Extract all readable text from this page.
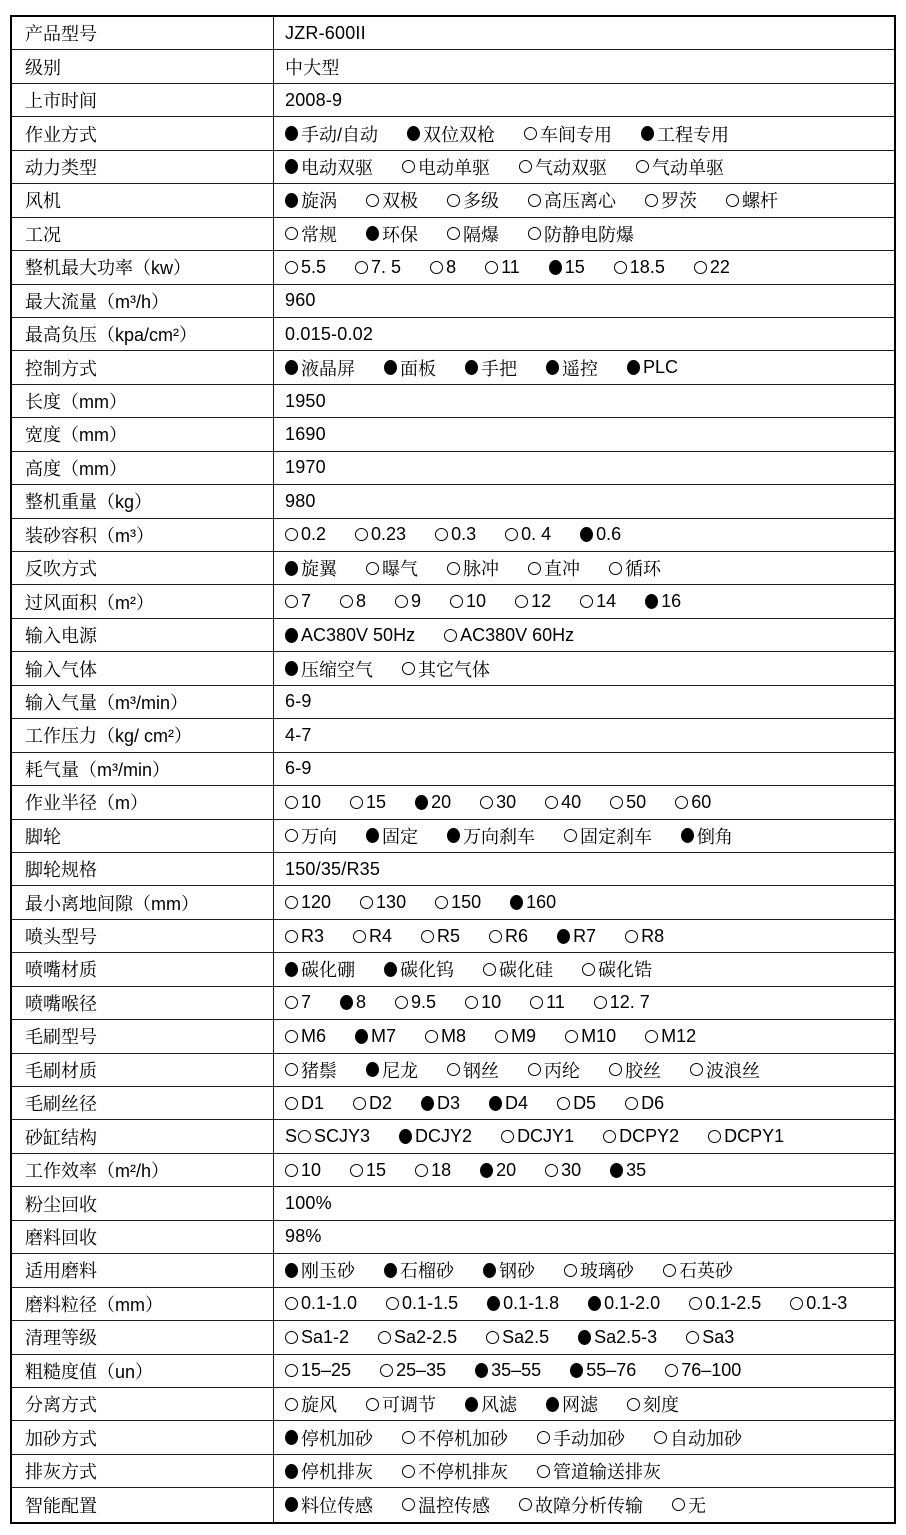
产品型号	JZR-600II
级别	中大型
上市时间	2008-9
作业方式	手动/自动	双位双枪	车间专用	工程专用
动力类型	电动双驱	电动单驱	气动双驱	气动单驱
风机	旋涡	双极	多级	高压离心	罗茨	螺杆
工况	常规	环保	隔爆	防静电防爆
整机最大功率（kw）	5.5	7. 5	8	11	15	18.5	22
最大流量（m³/h）	960
最高负压（kpa/cm²）	0.015-0.02
控制方式	液晶屏	面板	手把	遥控	PLC
长度（mm）	1950
宽度（mm）	1690
高度（mm）	1970
整机重量（kg）	980
装砂容积（m³）	0.2	0.23	0.3	0. 4	0.6
反吹方式	旋翼	曝气	脉冲	直冲	循环
过风面积（m²）	7	8	9	10	12	14	16
输入电源	AC380V 50Hz	AC380V 60Hz
输入气体	压缩空气	其它气体
输入气量（m³/min）	6-9
工作压力（kg/ cm²）	4-7
耗气量（m³/min）	6-9
作业半径（m）	10	15	20	30	40	50	60
脚轮	万向	固定	万向刹车	固定刹车	倒角
脚轮规格	150/35/R35
最小离地间隙（mm）	120	130	150	160
喷头型号	R3	R4	R5	R6	R7	R8
喷嘴材质	碳化硼	碳化钨	碳化硅	碳化锆
喷嘴喉径	7	8	9.5	10	11	12. 7
毛刷型号	M6	M7	M8	M9	M10	M12
毛刷材质	猪鬃	尼龙	钢丝	丙纶	胶丝	波浪丝
毛刷丝径	D1	D2	D3	D4	D5	D6
砂缸结构	S SCJY3	DCJY2	DCJY1	DCPY2	DCPY1
工作效率（m²/h）	10	15	18	20	30	35
粉尘回收	100%
磨料回收	98%
适用磨料	刚玉砂	石榴砂	钢砂	玻璃砂	石英砂
磨料粒径（mm）	0.1-1.0	0.1-1.5	0.1-1.8	0.1-2.0	0.1-2.5	0.1-3
清理等级	Sa1-2	Sa2-2.5	Sa2.5	Sa2.5-3	Sa3
粗糙度值（un）	15–25	25–35	35–55	55–76	76–100
分离方式	旋风	可调节	风滤	网滤	刻度
加砂方式	停机加砂	不停机加砂	手动加砂	自动加砂
排灰方式	停机排灰	不停机排灰	管道输送排灰
智能配置	料位传感	温控传感	故障分析传输	无
